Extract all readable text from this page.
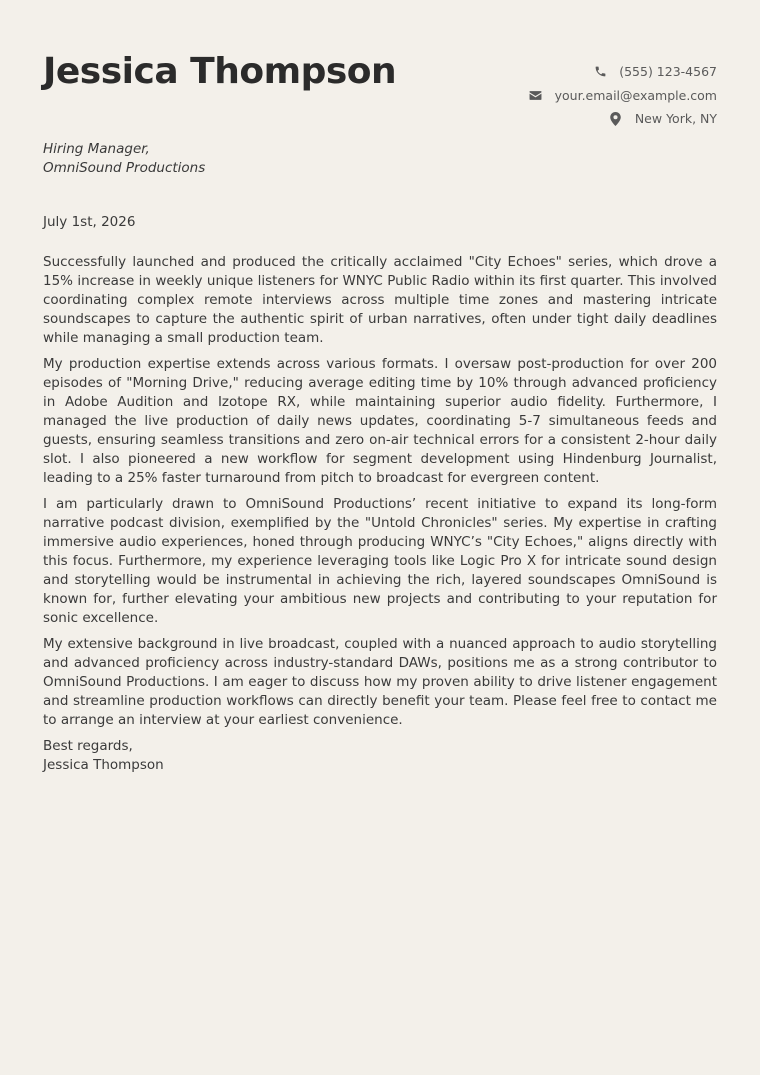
Jessica Thompson	(555) 123-4567
your.email@example.com
New York, NY
Hiring Manager,
OmniSound Productions
July 1st, 2026

Successfully launched and produced the critically acclaimed "City Echoes" series, which drove a 15% increase in weekly unique listeners for WNYC Public Radio within its first quarter. This involved coordinating complex remote interviews across multiple time zones and mastering intricate soundscapes to capture the authentic spirit of urban narratives, often under tight daily deadlines while managing a small production team.

My production expertise extends across various formats. I oversaw post-production for over 200 episodes of "Morning Drive," reducing average editing time by 10% through advanced proficiency in Adobe Audition and Izotope RX, while maintaining superior audio fidelity. Furthermore, I managed the live production of daily news updates, coordinating 5-7 simultaneous feeds and guests, ensuring seamless transitions and zero on-air technical errors for a consistent 2-hour daily slot. I also pioneered a new workflow for segment development using Hindenburg Journalist, leading to a 25% faster turnaround from pitch to broadcast for evergreen content.

I am particularly drawn to OmniSound Productions’ recent initiative to expand its long-form narrative podcast division, exemplified by the "Untold Chronicles" series. My expertise in crafting immersive audio experiences, honed through producing WNYC’s "City Echoes," aligns directly with this focus. Furthermore, my experience leveraging tools like Logic Pro X for intricate sound design and storytelling would be instrumental in achieving the rich, layered soundscapes OmniSound is known for, further elevating your ambitious new projects and contributing to your reputation for sonic excellence.

My extensive background in live broadcast, coupled with a nuanced approach to audio storytelling and advanced proficiency across industry-standard DAWs, positions me as a strong contributor to OmniSound Productions. I am eager to discuss how my proven ability to drive listener engagement and streamline production workflows can directly benefit your team. Please feel free to contact me to arrange an interview at your earliest convenience.

Best regards,
Jessica Thompson
